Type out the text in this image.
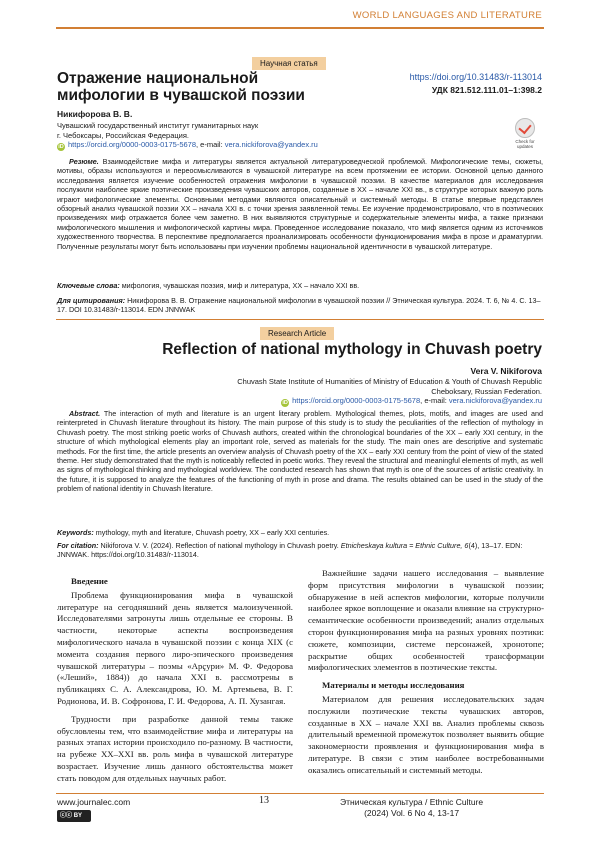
WORLD LANGUAGES AND LITERATURE
Научная статья
Отражение национальной
мифологии в чувашской поэзии
https://doi.org/10.31483/r-113014
УДК 821.512.111.01–1:398.2
Никифорова В. В.
Чувашский государственный институт гуманитарных наук
г. Чебоксары, Российская Федерация.
iD https://orcid.org/0000-0003-0175-5678, e-mail: vera.nickiforova@yandex.ru	Check for
updates
Резюме. Взаимодействие мифа и литературы является актуальной литературоведческой проблемой. Мифологические темы, сюжеты, мотивы, образы используются и переосмысливаются в чувашской литературе на всем протяжении ее истории. Основной целью данного исследования является изучение особенностей отражения мифологии в чувашской поэзии. В качестве материалов для исследования послужили наиболее яркие поэтические произведения чувашских авторов, созданные в XX – начале XXI вв., в структуре которых важную роль играют мифологические элементы. Основными методами являются описательный и системный методы. В статье впервые представлен обзорный анализ чувашской поэзии XX – начала XXI в. с точки зрения заявленной темы. Ее изучение продемонстрировало, что в поэтических произведениях миф отражается более чем заметно. В них выявляются структурные и содержательные элементы мифа, а также признаки мифологического мышления и мифологической картины мира. Проведенное исследование показало, что миф является одним из источников художественного творчества. В перспективе предполагается проанализировать особенности функционирования мифа в прозе и драматургии. Полученные результаты могут быть использованы при изучении проблемы национальной идентичности в чувашской литературе.
Ключевые слова: мифология, чувашская поэзия, миф и литература, XX – начало XXI вв.
Для цитирования: Никифорова В. В. Отражение национальной мифологии в чувашской поэзии // Этническая культура. 2024. Т. 6, № 4. С. 13–17. DOI 10.31483/r-113014. EDN JNNWAK
Research Article
Reflection of national mythology in Chuvash poetry
Vera V. Nikiforova
Chuvash State Institute of Humanities of Ministry of Education & Youth of Chuvash Republic
Cheboksary, Russian Federation.
iD https://orcid.org/0000-0003-0175-5678, e-mail: vera.nickiforova@yandex.ru
Abstract. The interaction of myth and literature is an urgent literary problem. Mythological themes, plots, motifs, and images are used and reinterpreted in Chuvash literature throughout its history. The main purpose of this study is to study the peculiarities of the reflection of mythology in Chuvash poetry. The most striking poetic works of Chuvash authors, created within the chronological boundaries of the XX – early XXI century, in the structure of which mythological elements play an important role, served as materials for the study. The main ones are descriptive and systematic methods. For the first time, the article presents an overview analysis of Chuvash poetry of the XX – early XXI century from the point of view of the stated theme. Her study demonstrated that the myth is noticeably reflected in poetic works. They reveal the structural and meaningful elements of myth, as well as signs of mythological thinking and mythological worldview. The conducted research has shown that myth is one of the sources of artistic creativity. In the future, it is supposed to analyze the features of the functioning of myth in prose and drama. The results obtained can be used in the study of the problem of national identity in Chuvash literature.
Keywords: mythology, myth and literature, Chuvash poetry, XX – early XXI centuries.
For citation: Nikiforova V. V. (2024). Reflection of national mythology in Chuvash poetry. Etnicheskaya kultura = Ethnic Culture, 6(4), 13–17. EDN: JNNWAK. https://doi.org/10.31483/r-113014.
Введение

Проблема функционирования мифа в чувашской литературе на сегодняшний день является малоизученной. Исследователями затронуты лишь отдельные ее стороны. В частности, некоторые аспекты воспроизведения мифологического начала в чувашской поэзии с конца XIX (с момента создания первого лиро-эпического произведения чувашской литературы – поэмы «Арҫури» М. Ф. Федорова («Леший», 1884)) до начала XXI в. рассмотрены в публикациях С. А. Александрова, Ю. М. Артемьева, В. Г. Родионова, И. В. Софронова, Г. И. Федорова, А. П. Хузангая.

Трудности при разработке данной темы также обусловлены тем, что взаимодействие мифа и литературы на разных этапах истории происходило по-разному. В частности, на рубеже XX–XXI вв. роль мифа в чувашской литературе возрастает. Изучение лишь данного обстоятельства может стать поводом для отдельных научных работ.

Важнейшие задачи нашего исследования – выявление форм присутствия мифологии в чувашской поэзии; обнаружение в ней аспектов мифологии, которые получили наиболее яркое воплощение и оказали влияние на структурно-семантические особенности произведений; анализ отдельных сторон функционирования мифа на разных уровнях поэтики: сюжете, композиции, системе персонажей, хронотопе; раскрытие общих особенностей трансформации мифологических элементов в поэтические тексты.

Материалы и методы исследования

Материалом для решения исследовательских задач послужили поэтические тексты чувашских авторов, созданные в XX – начале XXI вв. Анализ проблемы сквозь длительный временной промежуток позволяет выявить общие закономерности проявления и функционирования мифа в литературе. В связи с этим наиболее востребованными оказались описательный и системный методы.

www.journalec.com
ⓒⓒ BY
13	Этническая культура / Ethnic Culture
(2024) Vol. 6 No 4, 13-17
